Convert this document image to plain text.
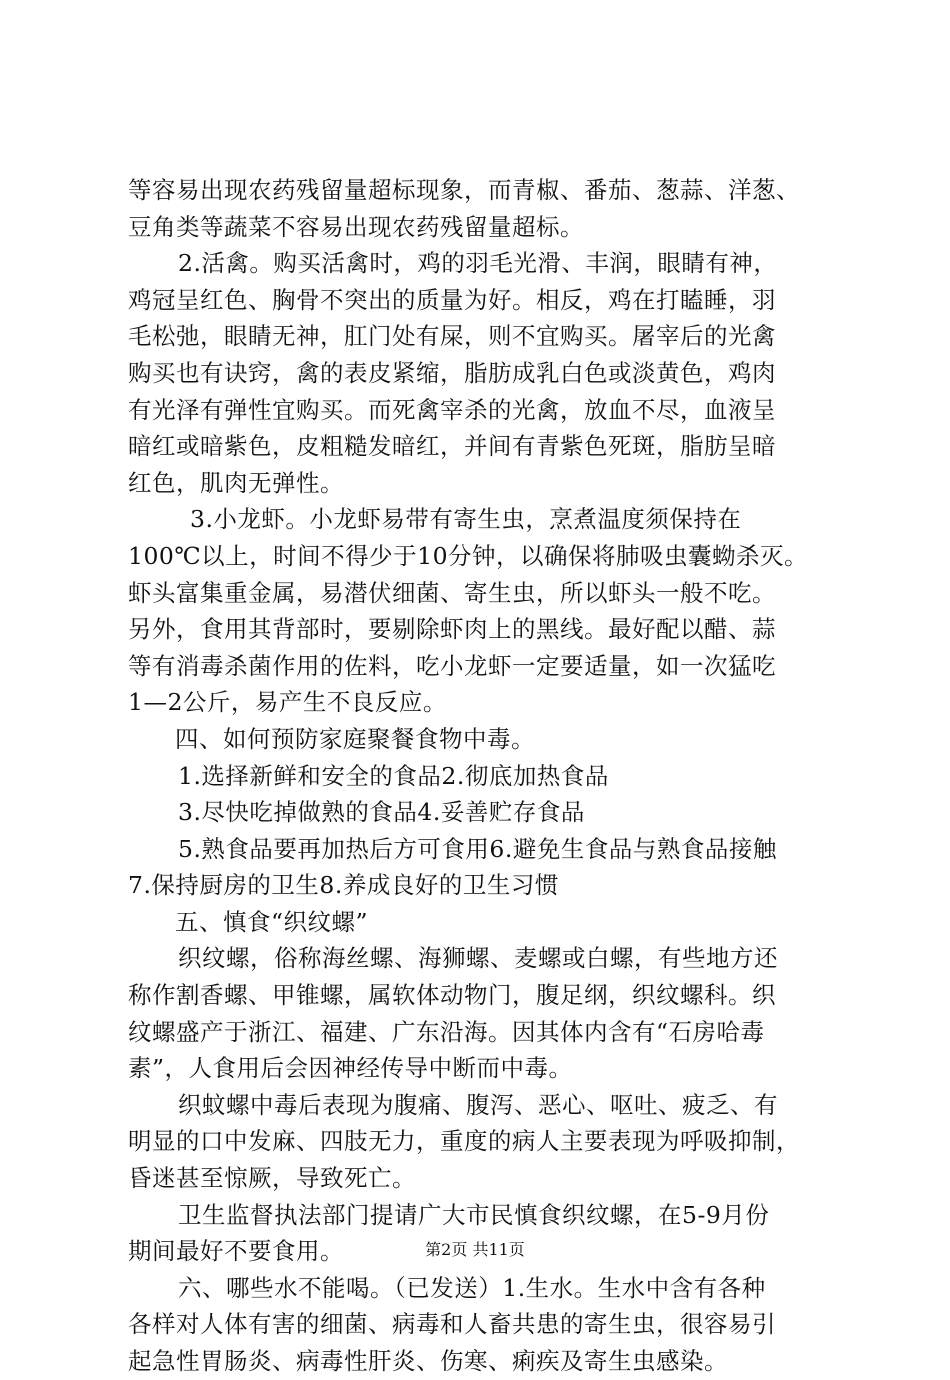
等容易出现农药残留量超标现象，而青椒、番茄、葱蒜、洋葱、
豆角类等蔬菜不容易出现农药残留量超标。
2.活禽。购买活禽时，鸡的羽毛光滑、丰润，眼睛有神，
鸡冠呈红色、胸骨不突出的质量为好。相反，鸡在打瞌睡，羽
毛松弛，眼睛无神，肛门处有屎，则不宜购买。屠宰后的光禽
购买也有诀窍，禽的表皮紧缩，脂肪成乳白色或淡黄色，鸡肉
有光泽有弹性宜购买。而死禽宰杀的光禽，放血不尽，血液呈
暗红或暗紫色，皮粗糙发暗红，并间有青紫色死斑，脂肪呈暗
红色，肌肉无弹性。
3.小龙虾。小龙虾易带有寄生虫，烹煮温度须保持在
100℃以上，时间不得少于10分钟，以确保将肺吸虫囊蚴杀灭。
虾头富集重金属，易潜伏细菌、寄生虫，所以虾头一般不吃。
另外，食用其背部时，要剔除虾肉上的黑线。最好配以醋、蒜
等有消毒杀菌作用的佐料，吃小龙虾一定要适量，如一次猛吃
1—2公斤，易产生不良反应。
四、如何预防家庭聚餐食物中毒。
1.选择新鲜和安全的食品2.彻底加热食品
3.尽快吃掉做熟的食品4.妥善贮存食品
5.熟食品要再加热后方可食用6.避免生食品与熟食品接触
7.保持厨房的卫生8.养成良好的卫生习惯
五、慎食“织纹螺”
织纹螺，俗称海丝螺、海狮螺、麦螺或白螺，有些地方还
称作割香螺、甲锥螺，属软体动物门，腹足纲，织纹螺科。织
纹螺盛产于浙江、福建、广东沿海。因其体内含有“石房哈毒
素”，人食用后会因神经传导中断而中毒。
织蚊螺中毒后表现为腹痛、腹泻、恶心、呕吐、疲乏、有
明显的口中发麻、四肢无力，重度的病人主要表现为呼吸抑制，
昏迷甚至惊厥，导致死亡。
卫生监督执法部门提请广大市民慎食织纹螺，在5-9月份
期间最好不要食用。
六、哪些水不能喝。（已发送）1.生水。生水中含有各种
各样对人体有害的细菌、病毒和人畜共患的寄生虫，很容易引
起急性胃肠炎、病毒性肝炎、伤寒、痢疾及寄生虫感染。
第2页 共11页
